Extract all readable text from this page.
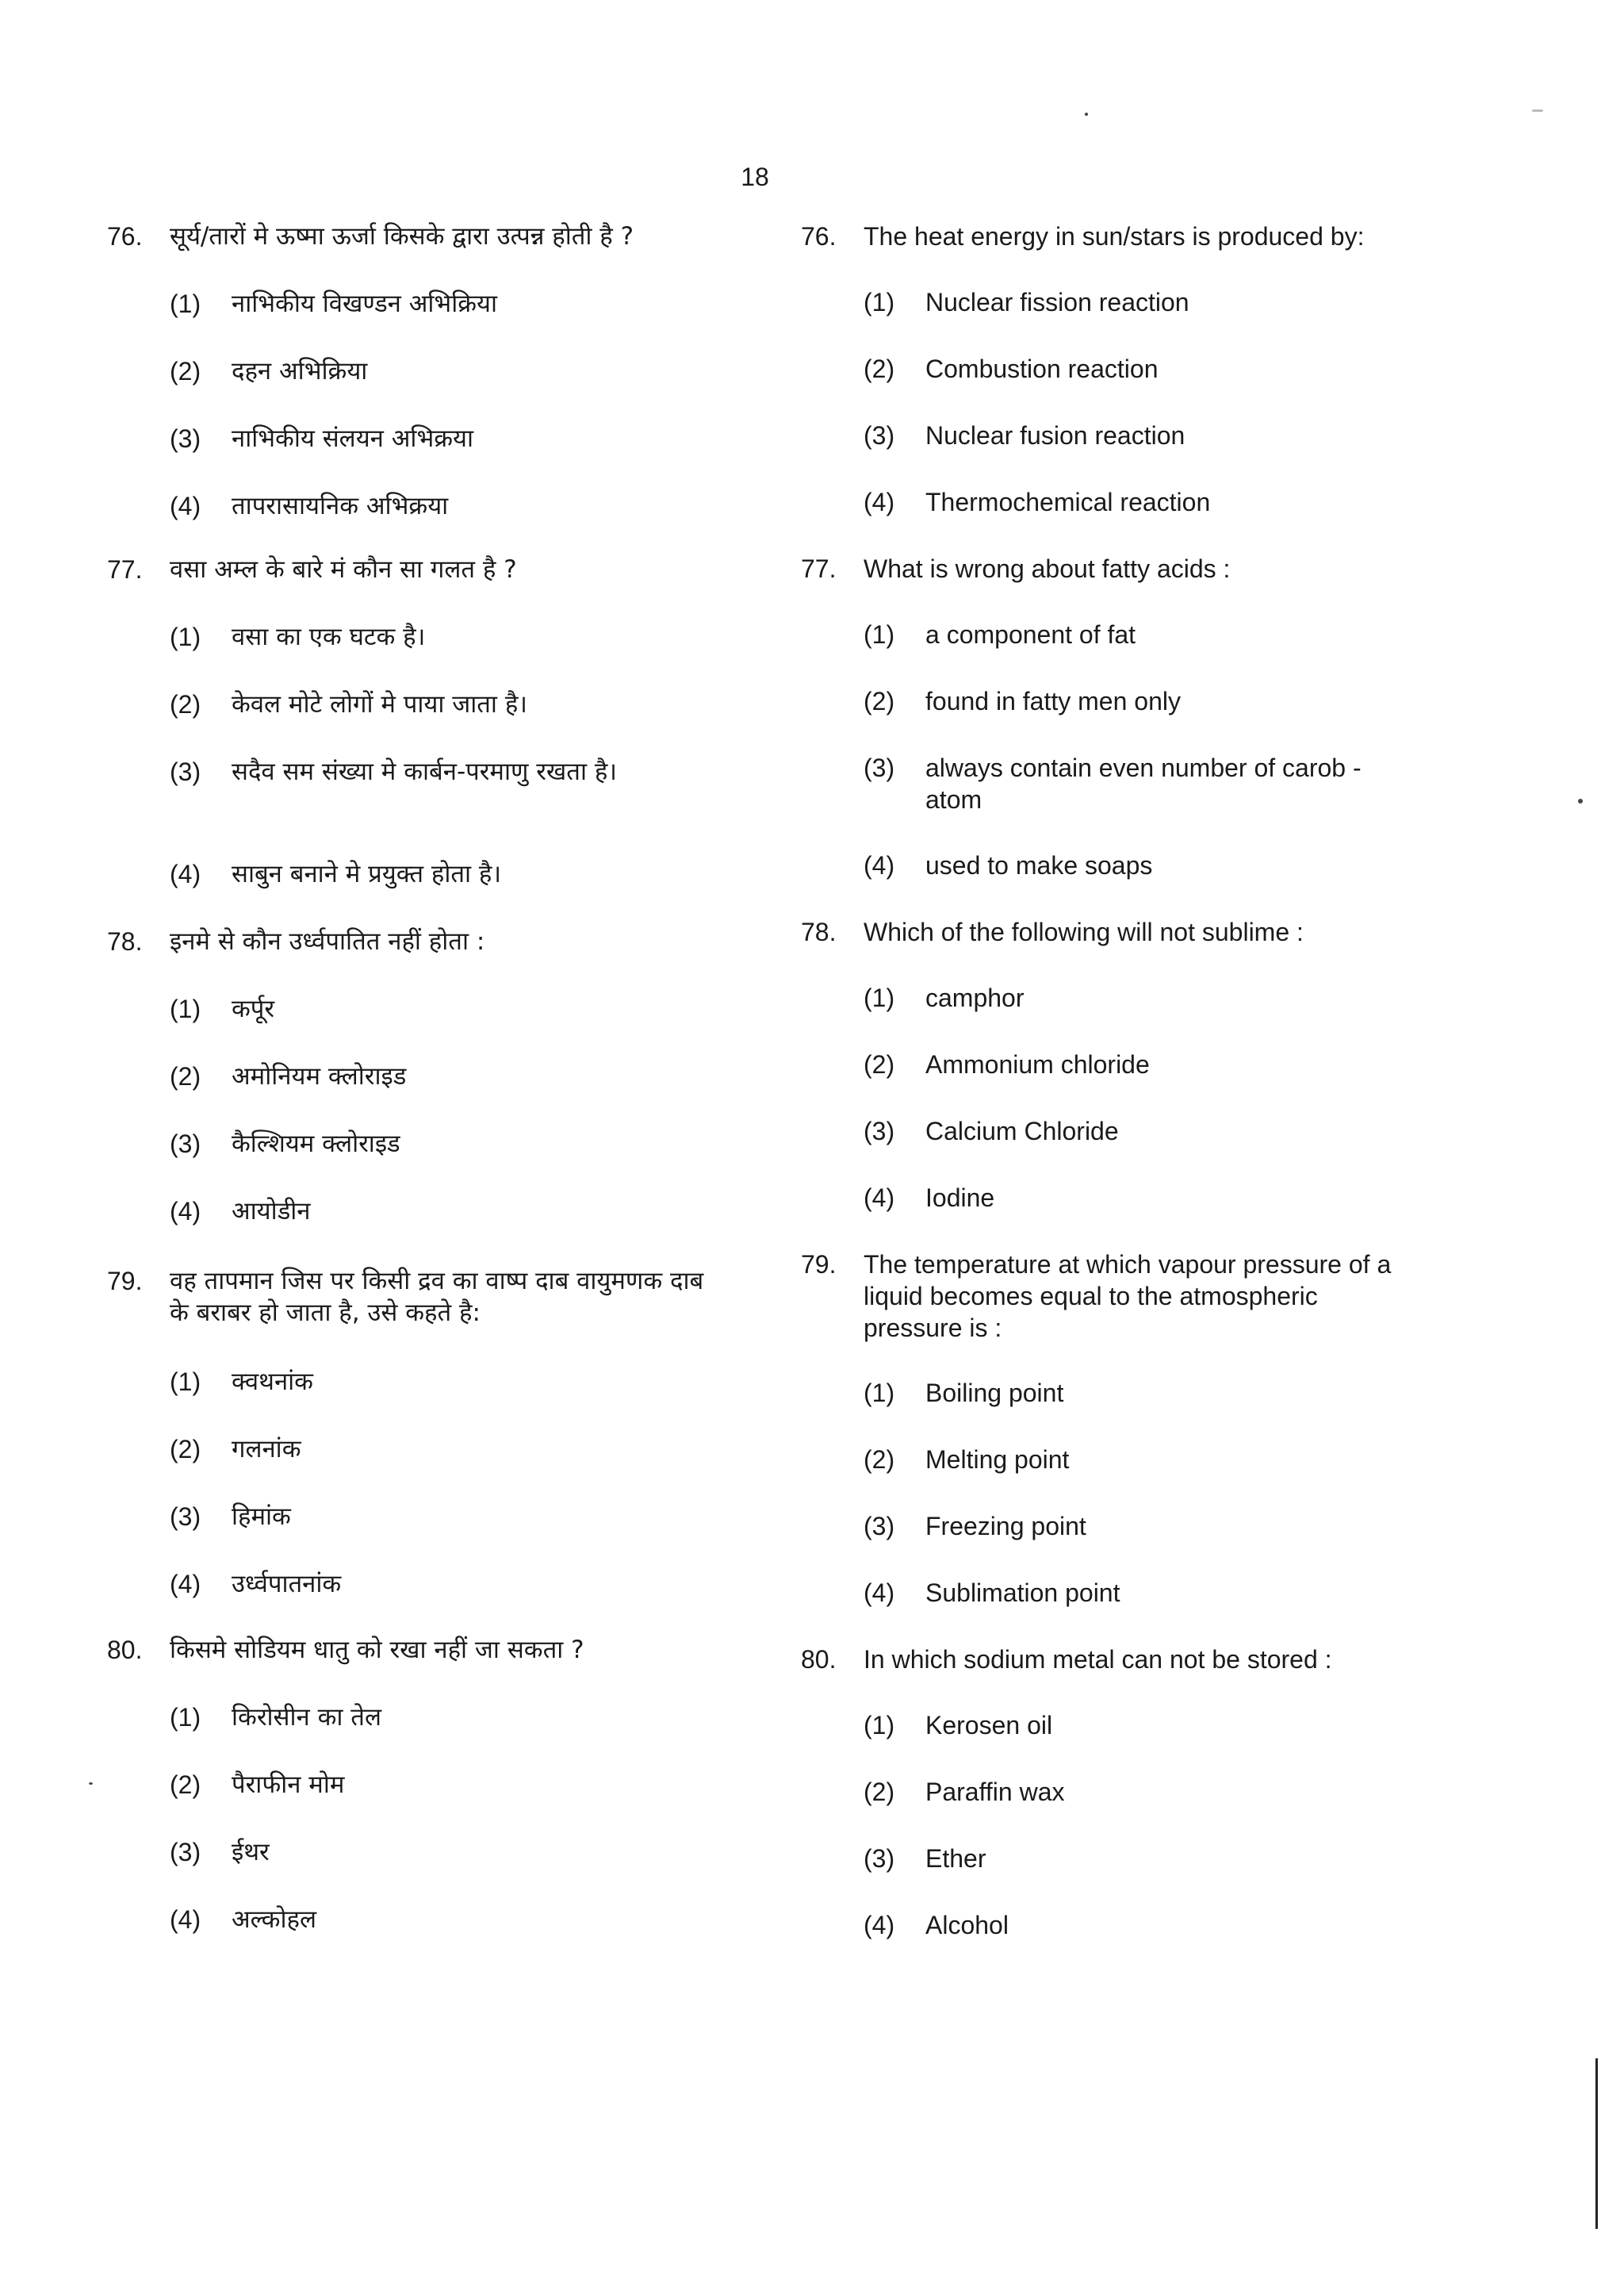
18
76.	सूर्य/तारों मे ऊष्मा ऊर्जा किसके द्वारा उत्पन्न होती है ?
(1)	नाभिकीय विखण्डन अभिक्रिया
(2)	दहन अभिक्रिया
(3)	नाभिकीय संलयन अभिक्रया
(4)	तापरासायनिक अभिक्रया
77.	वसा अम्ल के बारे मं कौन सा गलत है ?
(1)	वसा का एक घटक है।
(2)	केवल मोटे लोगों मे पाया जाता है।
(3)	सदैव सम संख्या मे कार्बन-परमाणु रखता है।
(4)	साबुन बनाने मे प्रयुक्त होता है।
78.	इनमे से कौन उर्ध्वपातित नहीं होता :
(1)	कर्पूर
(2)	अमोनियम क्लोराइड
(3)	कैल्शियम क्लोराइड
(4)	आयोडीन
79.	वह तापमान जिस पर किसी द्रव का वाष्प दाब वायुमणक दाब के बराबर हो जाता है, उसे कहते है:
(1)	क्वथनांक
(2)	गलनांक
(3)	हिमांक
(4)	उर्ध्वपातनांक
80.	किसमे सोडियम धातु को रखा नहीं जा सकता ?
(1)	किरोसीन का तेल
(2)	पैराफीन मोम
(3)	ईथर
(4)	अल्कोहल
76.	The heat energy in sun/stars is produced by:
(1)	Nuclear fission reaction
(2)	Combustion reaction
(3)	Nuclear fusion reaction
(4)	Thermochemical reaction
77.	What is wrong about fatty acids :
(1)	a component of fat
(2)	found in fatty men only
(3)	always contain even number of carob - atom
(4)	used to make soaps
78.	Which of the following will not sublime :
(1)	camphor
(2)	Ammonium chloride
(3)	Calcium Chloride
(4)	Iodine
79.	The temperature at which vapour pressure of a liquid becomes equal to the atmospheric pressure is :
(1)	Boiling point
(2)	Melting point
(3)	Freezing point
(4)	Sublimation point
80.	In which sodium metal can not be stored :
(1)	Kerosen oil
(2)	Paraffin wax
(3)	Ether
(4)	Alcohol
